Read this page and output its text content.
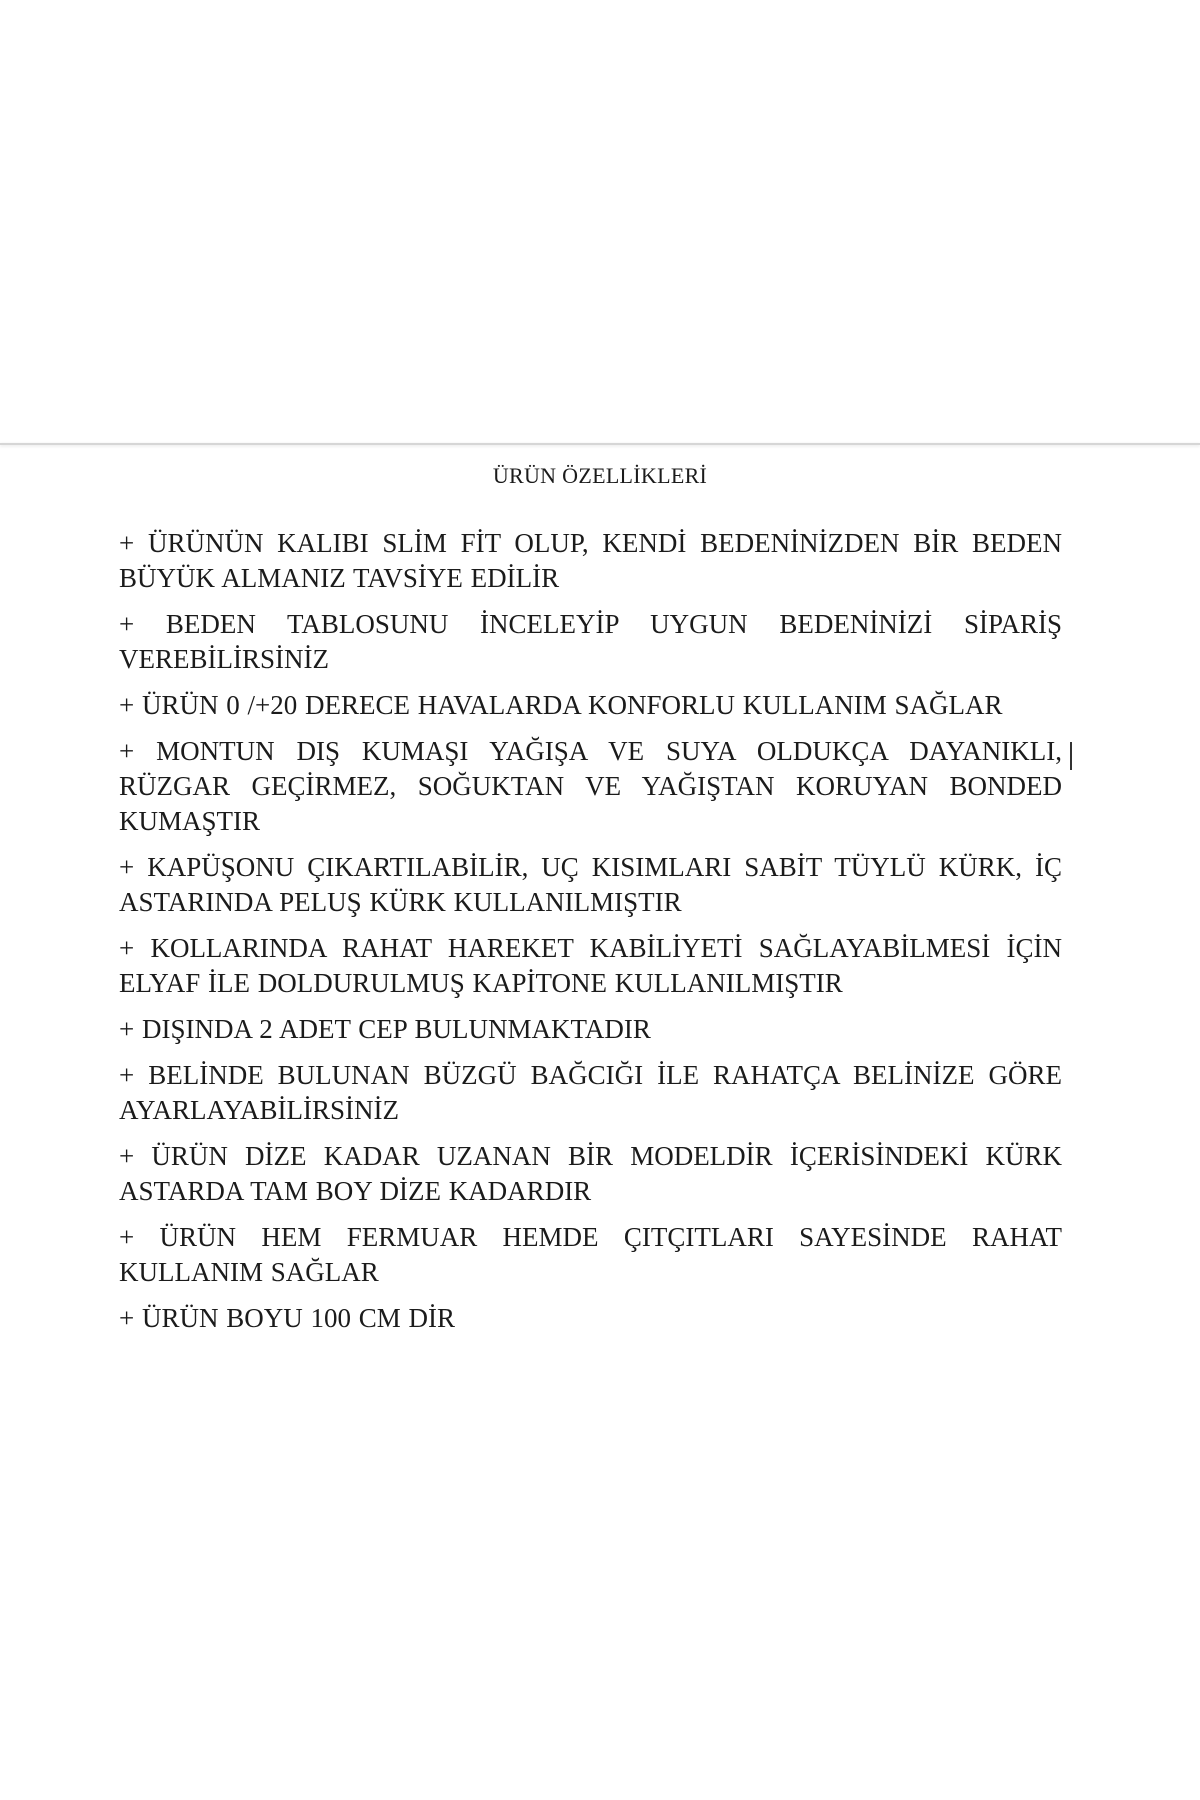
ÜRÜN ÖZELLİKLERİ
+ ÜRÜNÜN KALIBI SLİM FİT OLUP, KENDİ BEDENİNİZDEN BİR BEDEN BÜYÜK ALMANIZ TAVSİYE EDİLİR
+ BEDEN TABLOSUNU İNCELEYİP UYGUN BEDENİNİZİ SİPARİŞ VEREBİLİRSİNİZ
+ ÜRÜN 0 /+20 DERECE HAVALARDA KONFORLU KULLANIM SAĞLAR
+ MONTUN DIŞ KUMAŞI YAĞIŞA VE SUYA OLDUKÇA DAYANIKLI, RÜZGAR GEÇİRMEZ, SOĞUKTAN VE YAĞIŞTAN KORUYAN BONDED KUMAŞTIR
+ KAPÜŞONU ÇIKARTILABİLİR, UÇ KISIMLARI SABİT TÜYLÜ KÜRK, İÇ ASTARINDA PELUŞ KÜRK KULLANILMIŞTIR
+ KOLLARINDA RAHAT HAREKET KABİLİYETİ SAĞLAYABİLMESİ İÇİN ELYAF İLE DOLDURULMUŞ KAPİTONE KULLANILMIŞTIR
+ DIŞINDA 2 ADET CEP BULUNMAKTADIR
+ BELİNDE BULUNAN BÜZGÜ BAĞCIĞI İLE RAHATÇA BELİNİZE GÖRE AYARLAYABİLİRSİNİZ
+ ÜRÜN DİZE KADAR UZANAN BİR MODELDİR İÇERİSİNDEKİ KÜRK ASTARDA TAM BOY DİZE KADARDIR
+ ÜRÜN HEM FERMUAR HEMDE ÇITÇITLARI SAYESİNDE RAHAT KULLANIM SAĞLAR
+ ÜRÜN BOYU 100 CM DİR
